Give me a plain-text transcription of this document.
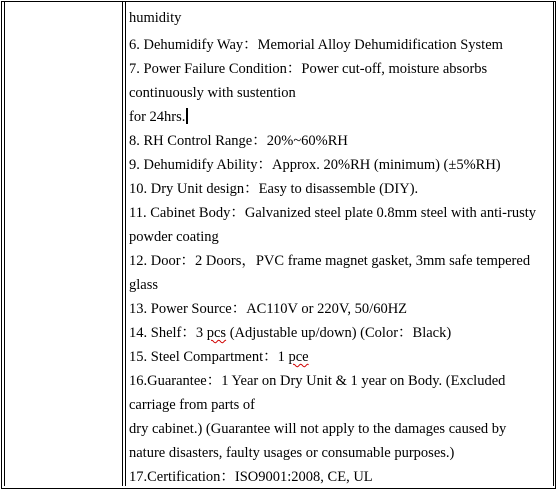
humidity
6. Dehumidify Way：Memorial Alloy Dehumidification System
7. Power Failure Condition：Power cut-off, moisture absorbs
continuously with sustention
for 24hrs.
8. RH Control Range：20%~60%RH
9. Dehumidify Ability：Approx. 20%RH (minimum) (±5%RH)
10. Dry Unit design：Easy to disassemble (DIY).
11. Cabinet Body：Galvanized steel plate 0.8mm steel with anti-rusty
powder coating
12. Door：2 Doors，PVC frame magnet gasket, 3mm safe tempered
glass
13. Power Source：AC110V or 220V, 50/60HZ
14. Shelf：3 pcs (Adjustable up/down) (Color：Black)
15. Steel Compartment：1 pce
16.Guarantee：1 Year on Dry Unit & 1 year on Body. (Excluded
carriage from parts of
dry cabinet.) (Guarantee will not apply to the damages caused by
nature disasters, faulty usages or consumable purposes.)
17.Certification：ISO9001:2008, CE, UL
